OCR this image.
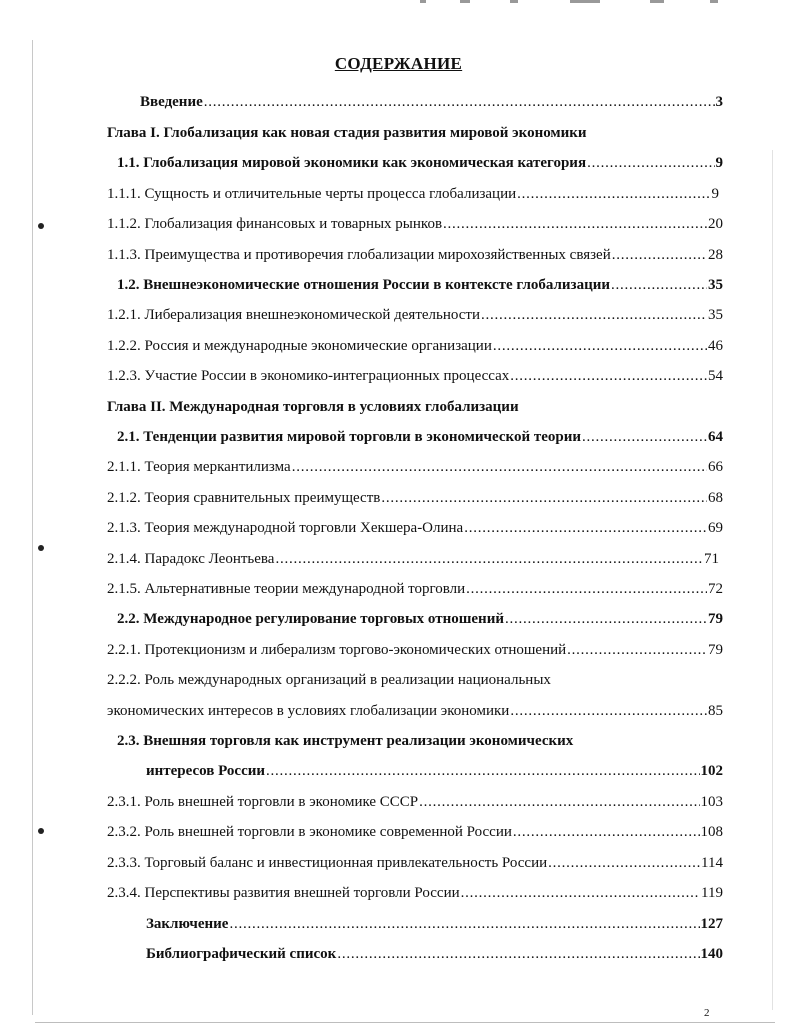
СОДЕРЖАНИЕ
Введение . . .	3
Глава I. Глобализация как новая стадия развития мировой экономики
1.1. Глобализация мировой экономики как экономическая категория . . .	9
1.1.1. Сущность и отличительные черты процесса глобализации . . .	9
1.1.2. Глобализация финансовых и товарных рынков . . .	20
1.1.3. Преимущества и противоречия глобализации мирохозяйственных связей . . .	28
1.2. Внешнеэкономические отношения России в контексте глобализации . . .	35
1.2.1. Либерализация внешнеэкономической деятельности . . .	35
1.2.2. Россия и международные экономические организации . . .	46
1.2.3. Участие России в экономико-интеграционных процессах . . .	54
Глава II. Международная торговля в условиях глобализации
2.1. Тенденции развития мировой торговли в экономической теории . . .	64
2.1.1. Теория меркантилизма . . .	66
2.1.2. Теория сравнительных преимуществ . . .	68
2.1.3. Теория международной торговли Хекшера-Олина . . .	69
2.1.4. Парадокс Леонтьева . . .	71
2.1.5. Альтернативные теории международной торговли . . .	72
2.2. Международное регулирование торговых отношений . . .	79
2.2.1. Протекционизм и либерализм торгово-экономических отношений . . .	79
2.2.2. Роль международных организаций в реализации национальных
экономических интересов в условиях глобализации экономики . . .	85
2.3. Внешняя торговля как инструмент реализации экономических
интересов России . . .	102
2.3.1. Роль внешней торговли в экономике СССР . . .	103
2.3.2. Роль внешней торговли в экономике современной России . . .	108
2.3.3. Торговый баланс и инвестиционная привлекательность России . . .	114
2.3.4. Перспективы развития внешней торговли России . . .	119
Заключение . . .	127
Библиографический список . . .	140
2
